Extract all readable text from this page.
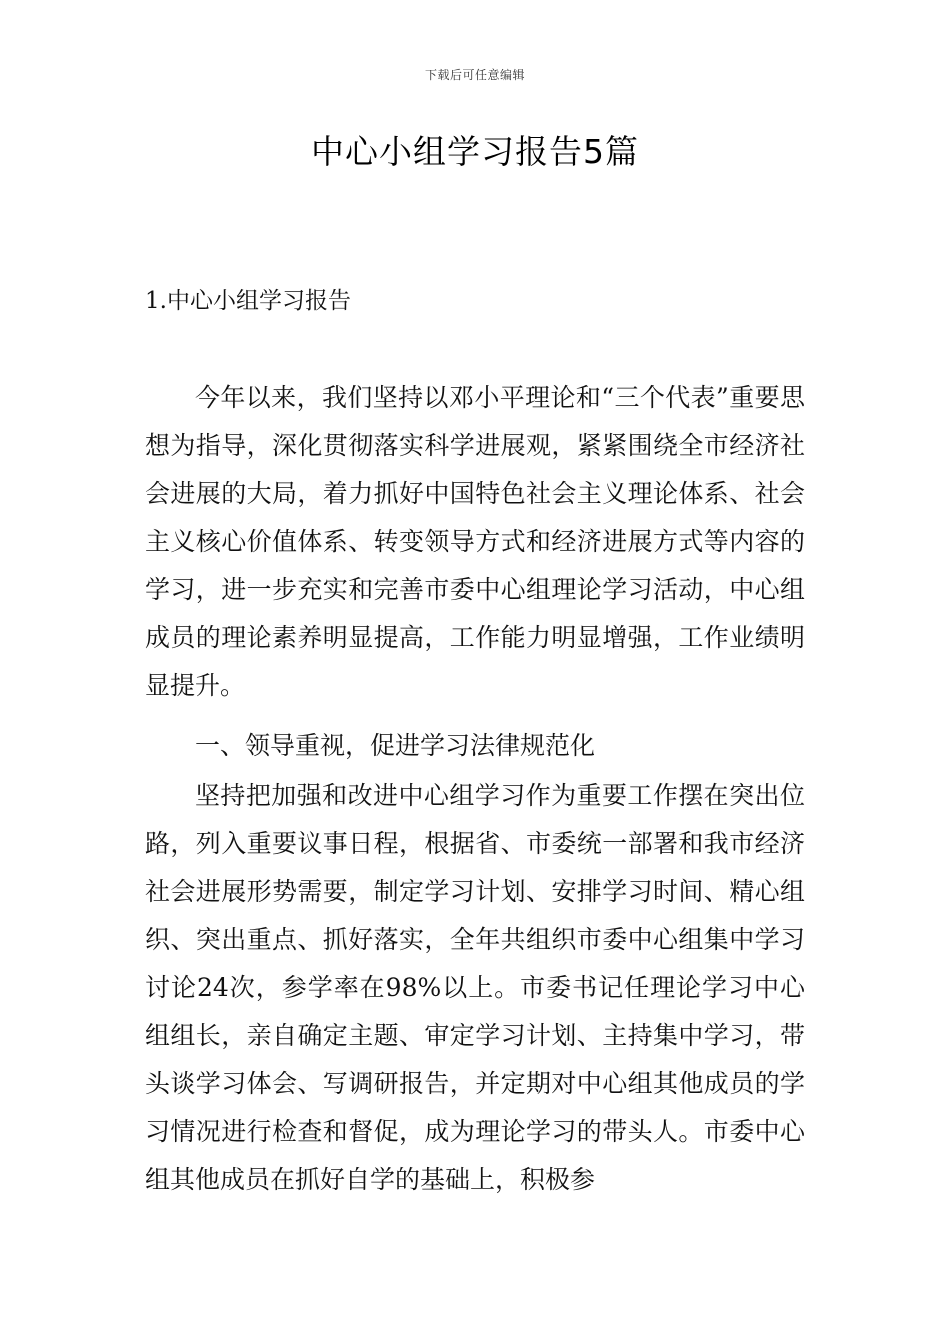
下载后可任意编辑
中心小组学习报告5篇
1.中心小组学习报告

今年以来，我们坚持以邓小平理论和“三个代表”重要思想为指导，深化贯彻落实科学进展观，紧紧围绕全市经济社会进展的大局，着力抓好中国特色社会主义理论体系、社会主义核心价值体系、转变领导方式和经济进展方式等内容的学习，进一步充实和完善市委中心组理论学习活动，中心组成员的理论素养明显提高，工作能力明显增强，工作业绩明显提升。

一、领导重视，促进学习法律规范化

坚持把加强和改进中心组学习作为重要工作摆在突出位路，列入重要议事日程，根据省、市委统一部署和我市经济社会进展形势需要，制定学习计划、安排学习时间、精心组织、突出重点、抓好落实，全年共组织市委中心组集中学习讨论24次，参学率在98%以上。市委书记任理论学习中心组组长，亲自确定主题、审定学习计划、主持集中学习，带头谈学习体会、写调研报告，并定期对中心组其他成员的学习情况进行检查和督促，成为理论学习的带头人。市委中心组其他成员在抓好自学的基础上，积极参
